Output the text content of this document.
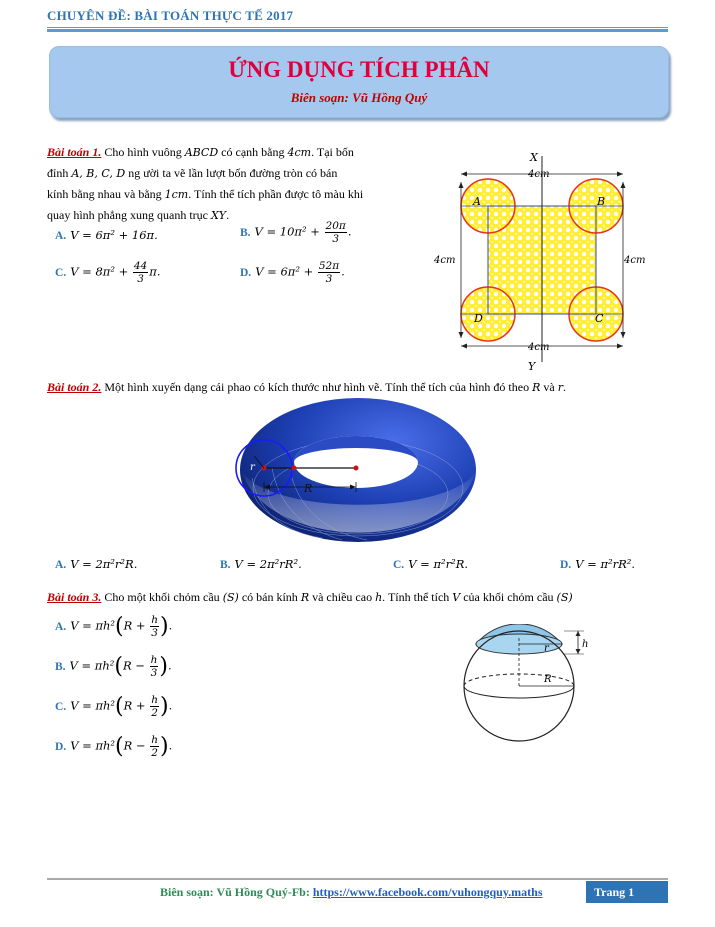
CHUYÊN ĐỀ: BÀI TOÁN THỰC TẾ 2017
ỨNG DỤNG TÍCH PHÂN
Biên soạn: Vũ Hồng Quý
Bài toán 1. Cho hình vuông ABCD có cạnh bằng 4cm. Tại bốn
đỉnh A, B, C, D ng ười ta vẽ lần lượt bốn đường tròn có bán
kính bằng nhau và bằng 1cm. Tính thể tích phần được tô màu khi
quay hình phẳng xung quanh trục XY.
A. V = 6π² + 16π.	B. $V = 10\pi^2 + \frac{20\pi}{3}$ .
C. $V = 8\pi^2 + \frac{44}{3} \pi$.	D. $V = 6\pi^2 + \frac{52\pi}{3}$ .
X
Y
A	B
C
D
4cm
4cm
4cm	4cm
Bài toán 2. Một hình xuyến dạng cái phao có kích thước như hình vẽ. Tính thể tích của hình đó theo R và r.
r
R
A. V = 2π²r²R.	B. V = 2π²rR².	C. V = π²r²R.	D. V = π²rR².
Bài toán 3. Cho một khối chỏm cầu (S) có bán kính R và chiều cao h. Tính thể tích V của khối chỏm cầu (S)
A. $V = \pi h^2(R + \frac{h}{3}$ ).
B. $V = \pi h^2(R - \frac{h}{3}$ ).
C. $V = \pi h^2(R + \frac{h}{2}$ ).
D. $V = \pi h^2(R - \frac{h}{2}$ ).
h
r
R
Biên soạn: Vũ Hồng Quý-Fb: https://www.facebook.com/vuhongquy.maths	Trang 1
